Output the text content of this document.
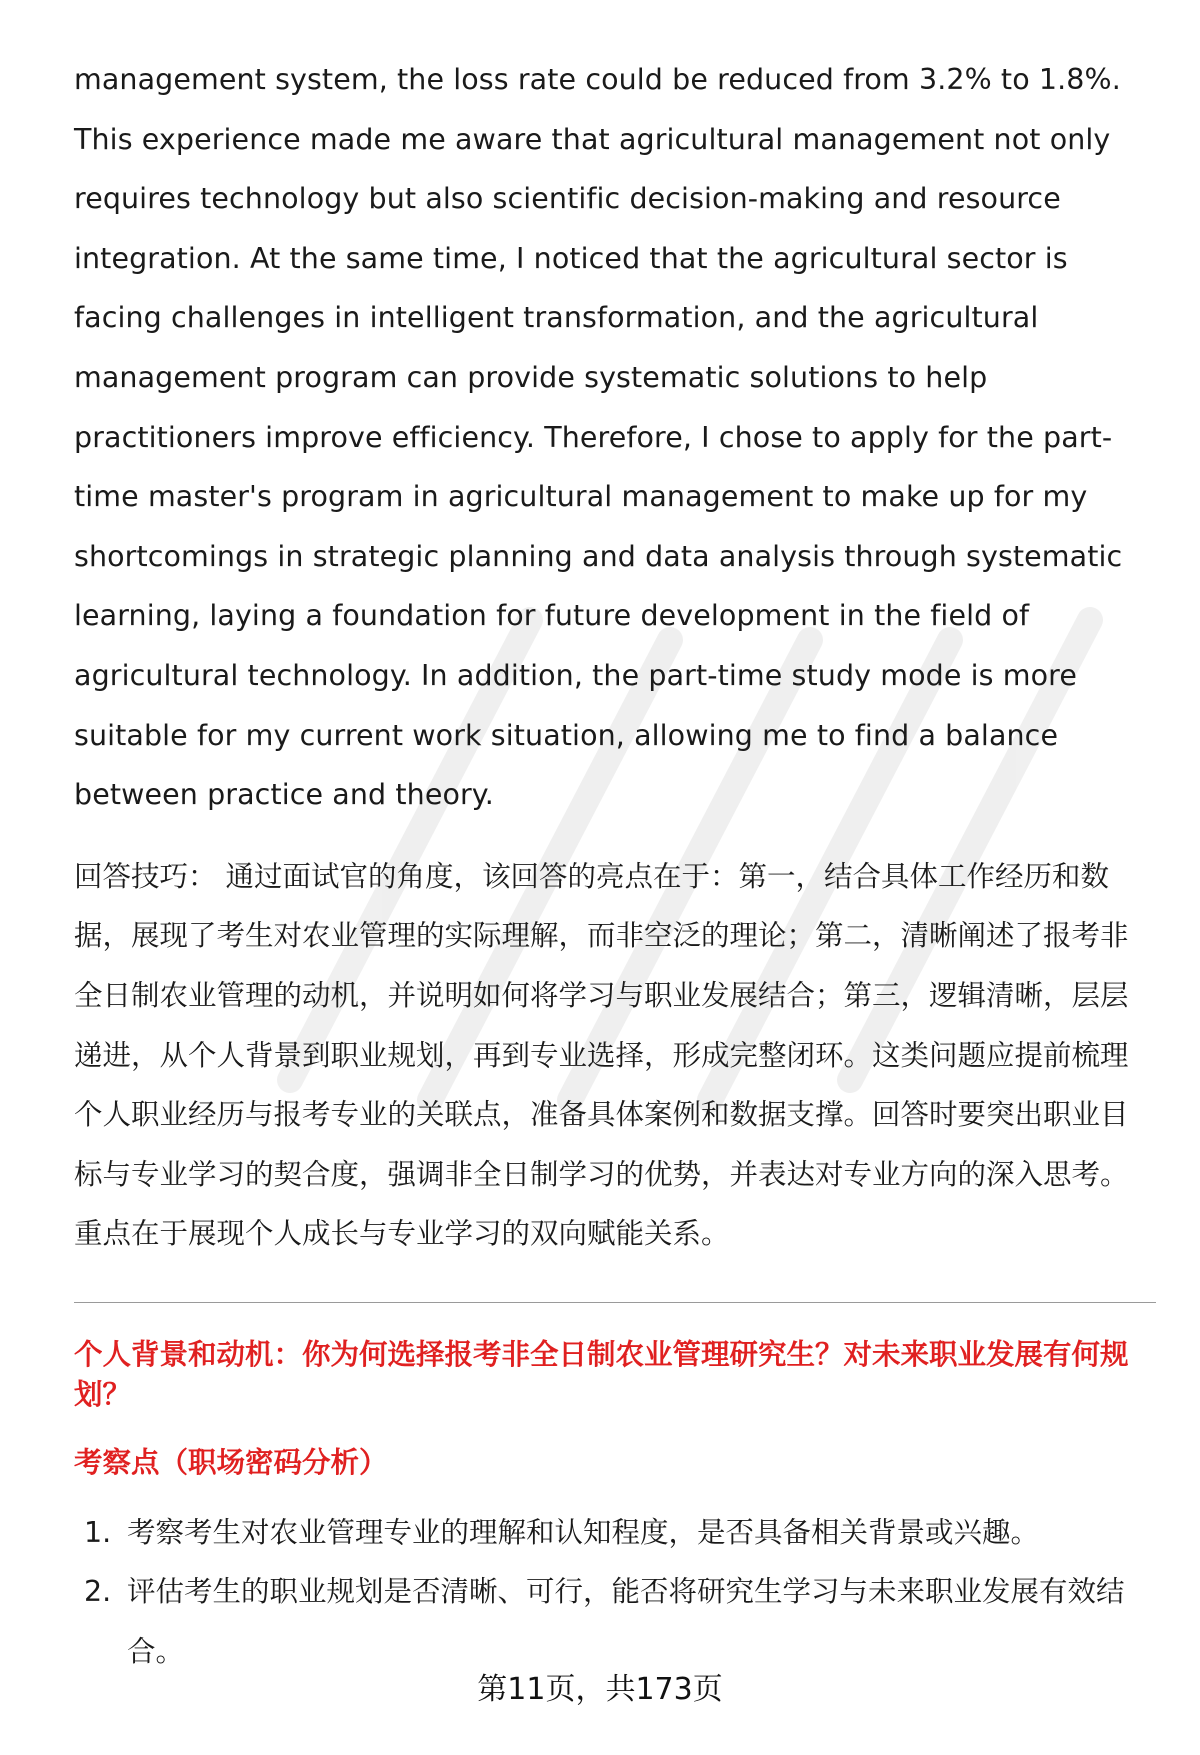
management system, the loss rate could be reduced from 3.2% to 1.8%. This experience made me aware that agricultural management not only requires technology but also scientific decision-making and resource integration. At the same time, I noticed that the agricultural sector is facing challenges in intelligent transformation, and the agricultural management program can provide systematic solutions to help practitioners improve efficiency. Therefore, I chose to apply for the part-time master's program in agricultural management to make up for my shortcomings in strategic planning and data analysis through systematic learning, laying a foundation for future development in the field of agricultural technology. In addition, the part-time study mode is more suitable for my current work situation, allowing me to find a balance between practice and theory.

回答技巧： 通过面试官的角度，该回答的亮点在于：第一，结合具体工作经历和数据，展现了考生对农业管理的实际理解，而非空泛的理论；第二，清晰阐述了报考非全日制农业管理的动机，并说明如何将学习与职业发展结合；第三，逻辑清晰，层层递进，从个人背景到职业规划，再到专业选择，形成完整闭环。这类问题应提前梳理个人职业经历与报考专业的关联点，准备具体案例和数据支撑。回答时要突出职业目标与专业学习的契合度，强调非全日制学习的优势，并表达对专业方向的深入思考。重点在于展现个人成长与专业学习的双向赋能关系。

个人背景和动机：你为何选择报考非全日制农业管理研究生？对未来职业发展有何规划？

考察点（职场密码分析）

1. 考察考生对农业管理专业的理解和认知程度，是否具备相关背景或兴趣。
2. 评估考生的职业规划是否清晰、可行，能否将研究生学习与未来职业发展有效结合。
第11页，共173页
